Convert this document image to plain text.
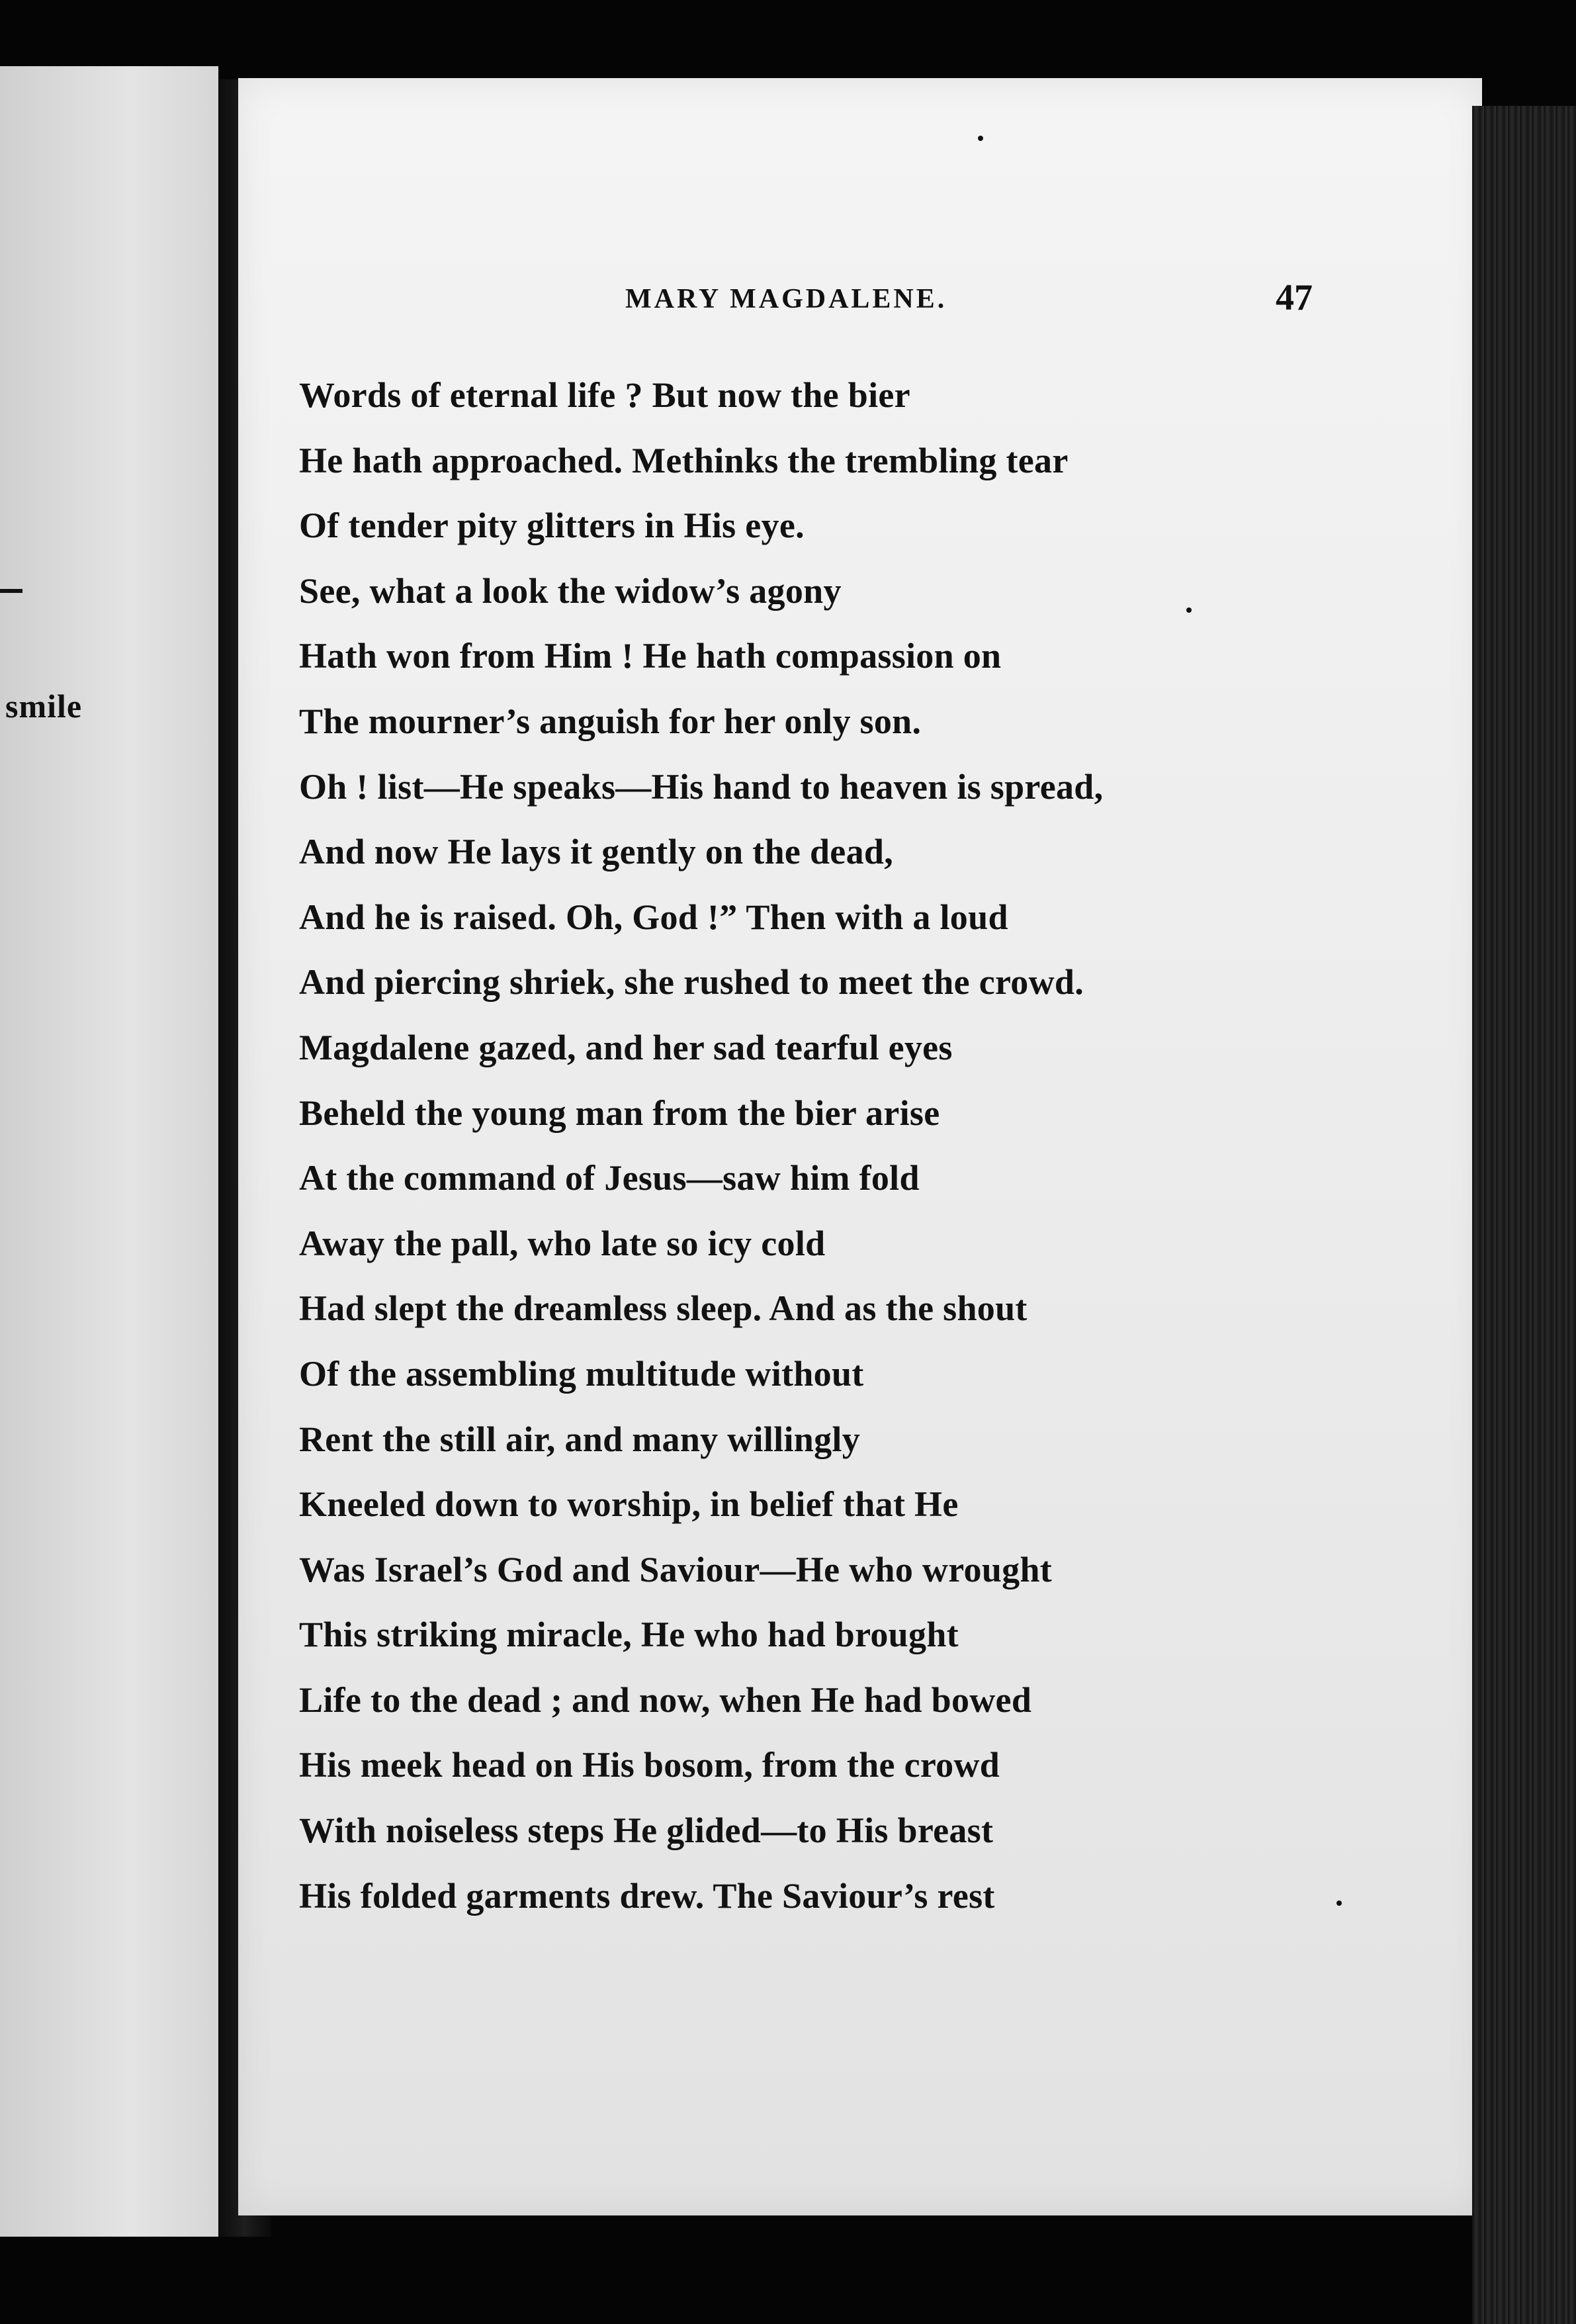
smile
MARY MAGDALENE.	47
Words of eternal life ? But now the bier
He hath approached. Methinks the trembling tear
Of tender pity glitters in His eye.
See, what a look the widow’s agony
Hath won from Him ! He hath compassion on
The mourner’s anguish for her only son.
Oh ! list—He speaks—His hand to heaven is spread,
And now He lays it gently on the dead,
And he is raised. Oh, God !” Then with a loud
And piercing shriek, she rushed to meet the crowd.
Magdalene gazed, and her sad tearful eyes
Beheld the young man from the bier arise
At the command of Jesus—saw him fold
Away the pall, who late so icy cold
Had slept the dreamless sleep. And as the shout
Of the assembling multitude without
Rent the still air, and many willingly
Kneeled down to worship, in belief that He
Was Israel’s God and Saviour—He who wrought
This striking miracle, He who had brought
Life to the dead ; and now, when He had bowed
His meek head on His bosom, from the crowd
With noiseless steps He glided—to His breast
His folded garments drew. The Saviour’s rest
